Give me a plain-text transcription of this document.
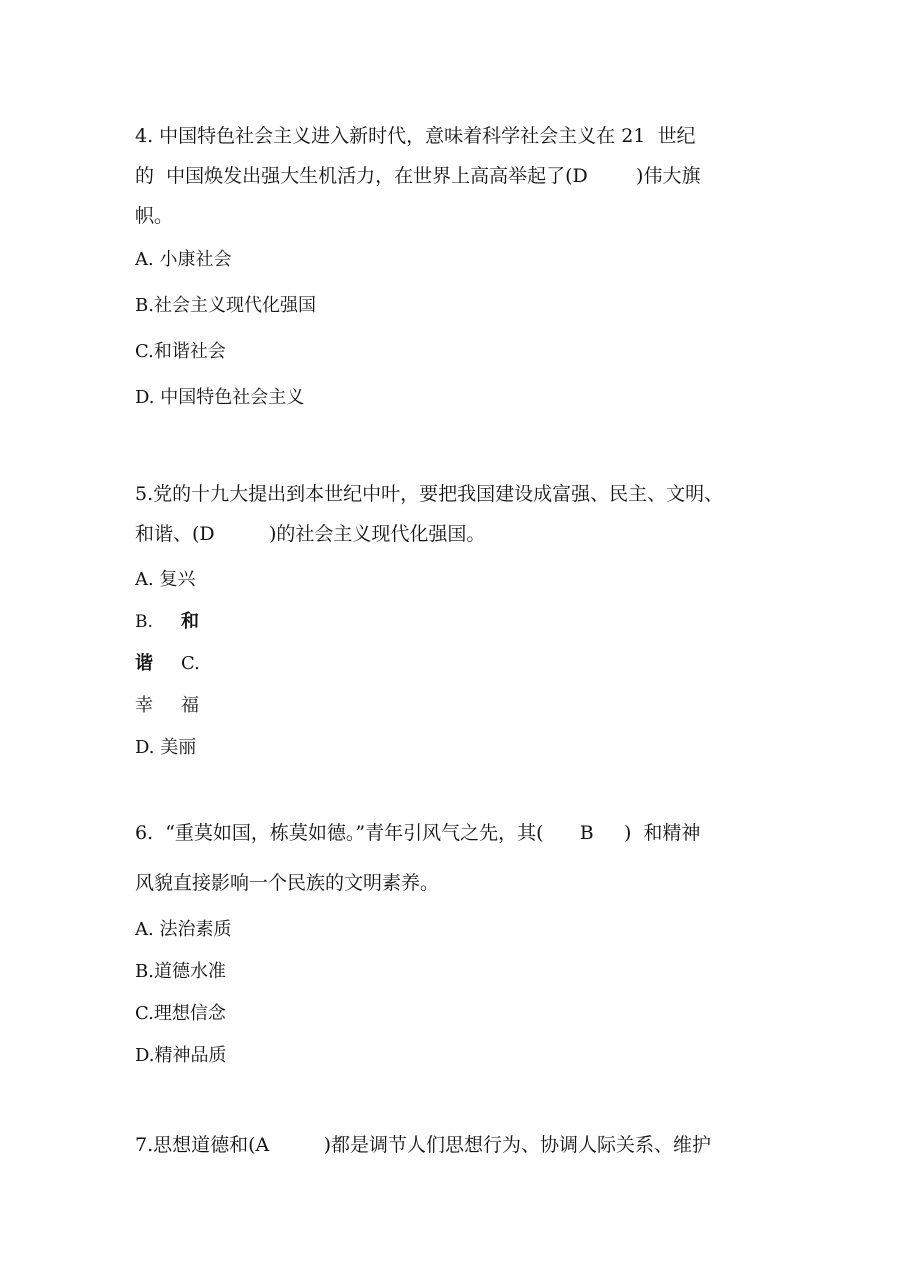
4. 中国特色社会主义进入新时代，意味着科学社会主义在 21  世纪

的  中国焕发出强大生机活力，在世界上高高举起了(D        )伟大旗

帜。

A. 小康社会

B.社会主义现代化强国

C.和谐社会

D. 中国特色社会主义

5.党的十九大提出到本世纪中叶，要把我国建设成富强、民主、文明、

和谐、(D         )的社会主义现代化强国。

A. 复兴

B. 和
谐 C.
幸 福

D. 美丽

6.  “重莫如国，栋莫如德。”青年引风气之先，其(      B     )  和精神

风貌直接影响一个民族的文明素养。

A. 法治素质

B.道德水准

C.理想信念

D.精神品质

7.思想道德和(A         )都是调节人们思想行为、协调人际关系、维护
